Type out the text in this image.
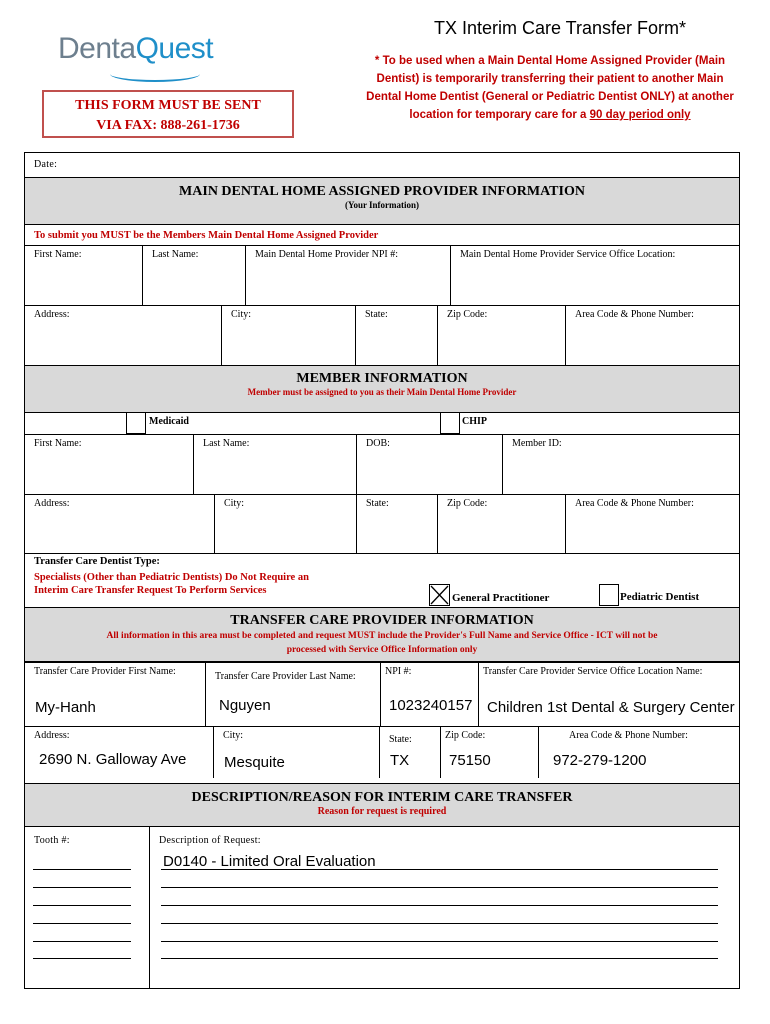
DentaQuest
THIS FORM MUST BE SENT
VIA FAX: 888-261-1736
TX Interim Care Transfer Form*
* To be used when a Main Dental Home Assigned Provider (Main Dentist) is temporarily transferring their patient to another Main Dental Home Dentist (General or Pediatric Dentist ONLY) at another location for temporary care for a 90 day period only
Date:
MAIN DENTAL HOME ASSIGNED PROVIDER INFORMATION
(Your Information)
To submit you MUST be the Members Main Dental Home Assigned Provider
First Name:	Last Name:	Main Dental Home Provider NPI #:	Main Dental Home Provider Service Office Location:
Address:	City:	State:	Zip Code:	Area Code & Phone Number:
MEMBER INFORMATION
Member must be assigned to you as their Main Dental Home Provider
Medicaid	CHIP
First Name:	Last Name:	DOB:	Member ID:
Address:	City:	State:	Zip Code:	Area Code & Phone Number:
Transfer Care Dentist Type:
Specialists (Other than Pediatric Dentists) Do Not Require an
Interim Care Transfer Request To Perform Services
General Practitioner	Pediatric Dentist
TRANSFER CARE PROVIDER INFORMATION
All information in this area must be completed and request MUST include the Provider's Full Name and Service Office - ICT will not be
processed with Service Office Information only
Transfer Care Provider First Name:	Transfer Care Provider Last Name:	NPI #:	Transfer Care Provider Service Office Location Name:
My-Hanh	Nguyen	1023240157 Children 1st Dental & Surgery Center
Address:	City:	State:	Zip Code:	Area Code & Phone Number:
2690 N. Galloway Ave	Mesquite	TX	75150	972-279-1200
DESCRIPTION/REASON FOR INTERIM CARE TRANSFER
Reason for request is required
Tooth #:	Description of Request:
D0140 - Limited Oral Evaluation
